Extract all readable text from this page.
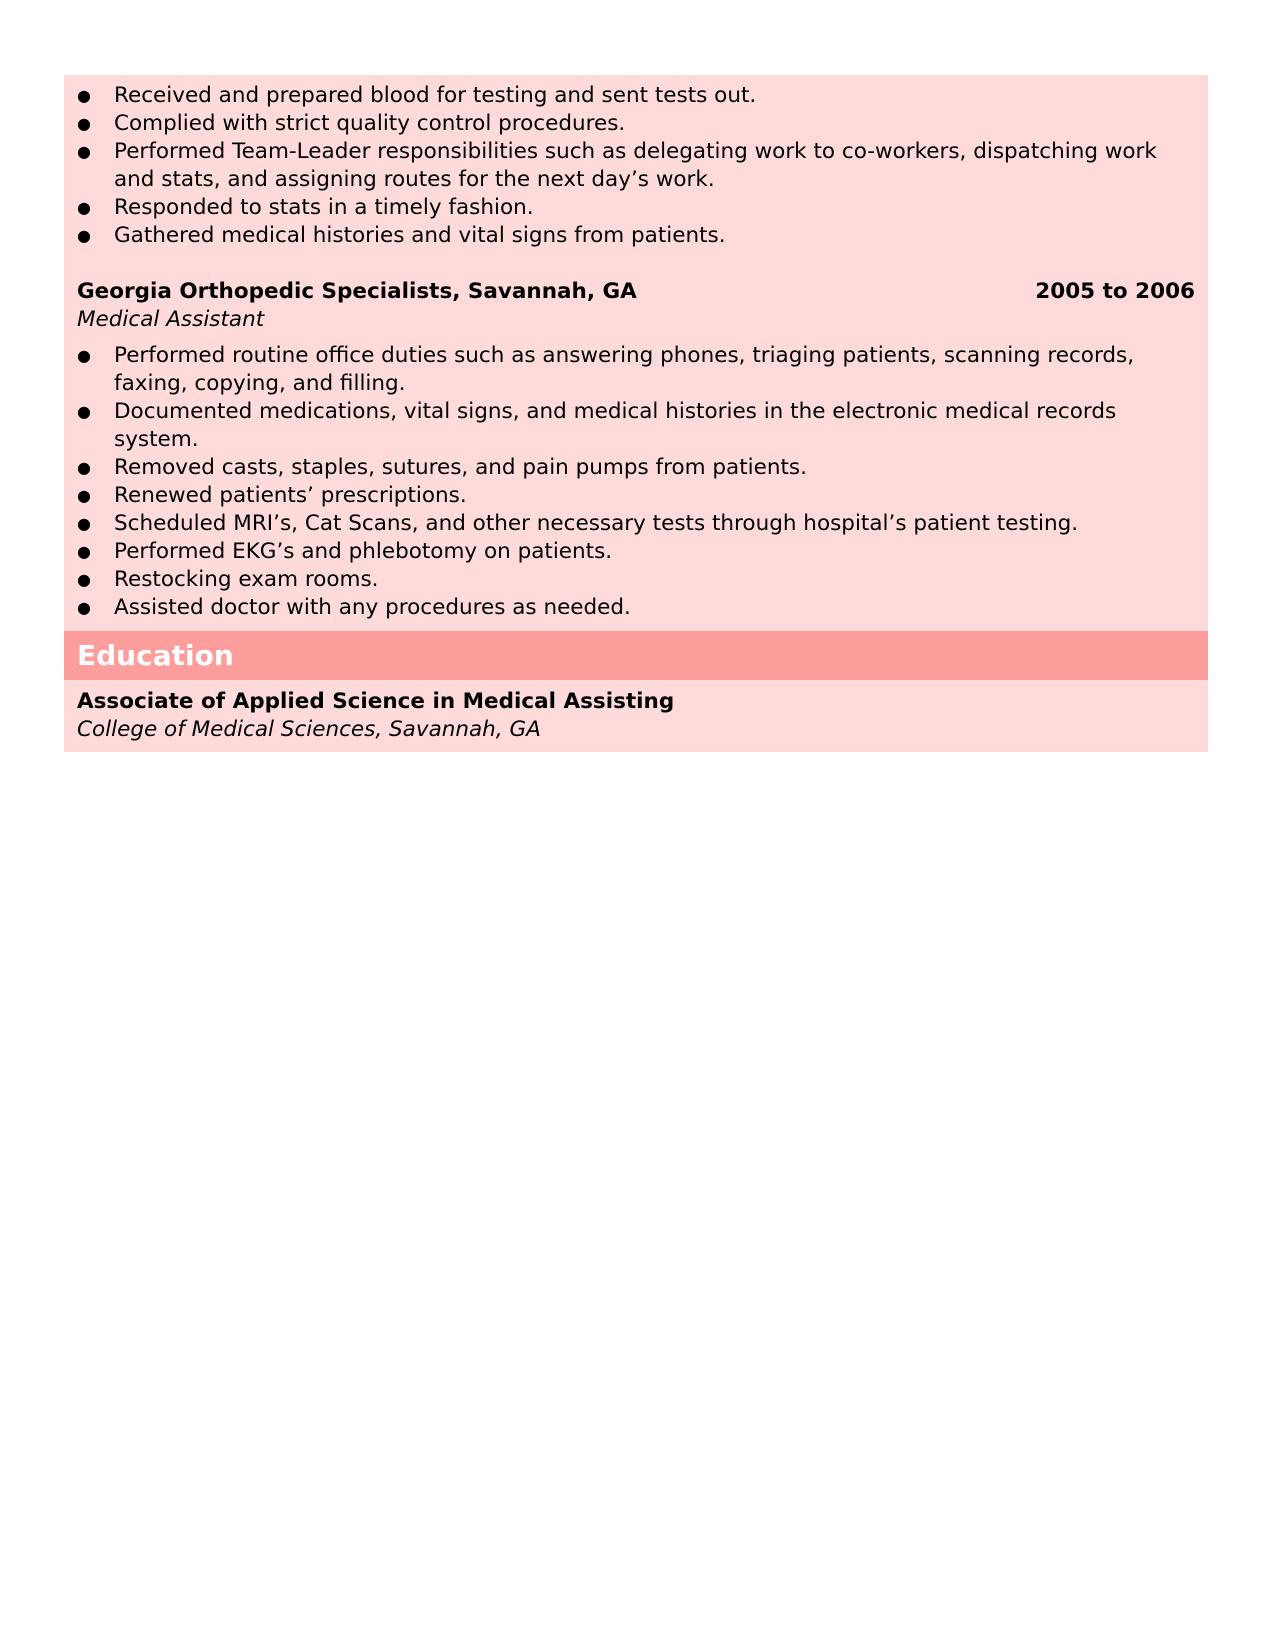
● Received and prepared blood for testing and sent tests out.
● Complied with strict quality control procedures.
● Performed Team-Leader responsibilities such as delegating work to co-workers, dispatching work and stats, and assigning routes for the next day’s work.
● Responded to stats in a timely fashion.
● Gathered medical histories and vital signs from patients.
Georgia Orthopedic Specialists, Savannah, GA	2005 to 2006
Medical Assistant
● Performed routine office duties such as answering phones, triaging patients, scanning records, faxing, copying, and filling.
● Documented medications, vital signs, and medical histories in the electronic medical records system.
● Removed casts, staples, sutures, and pain pumps from patients.
● Renewed patients’ prescriptions.
● Scheduled MRI’s, Cat Scans, and other necessary tests through hospital’s patient testing.
● Performed EKG’s and phlebotomy on patients.
● Restocking exam rooms.
● Assisted doctor with any procedures as needed.
Education
Associate of Applied Science in Medical Assisting
College of Medical Sciences, Savannah, GA
